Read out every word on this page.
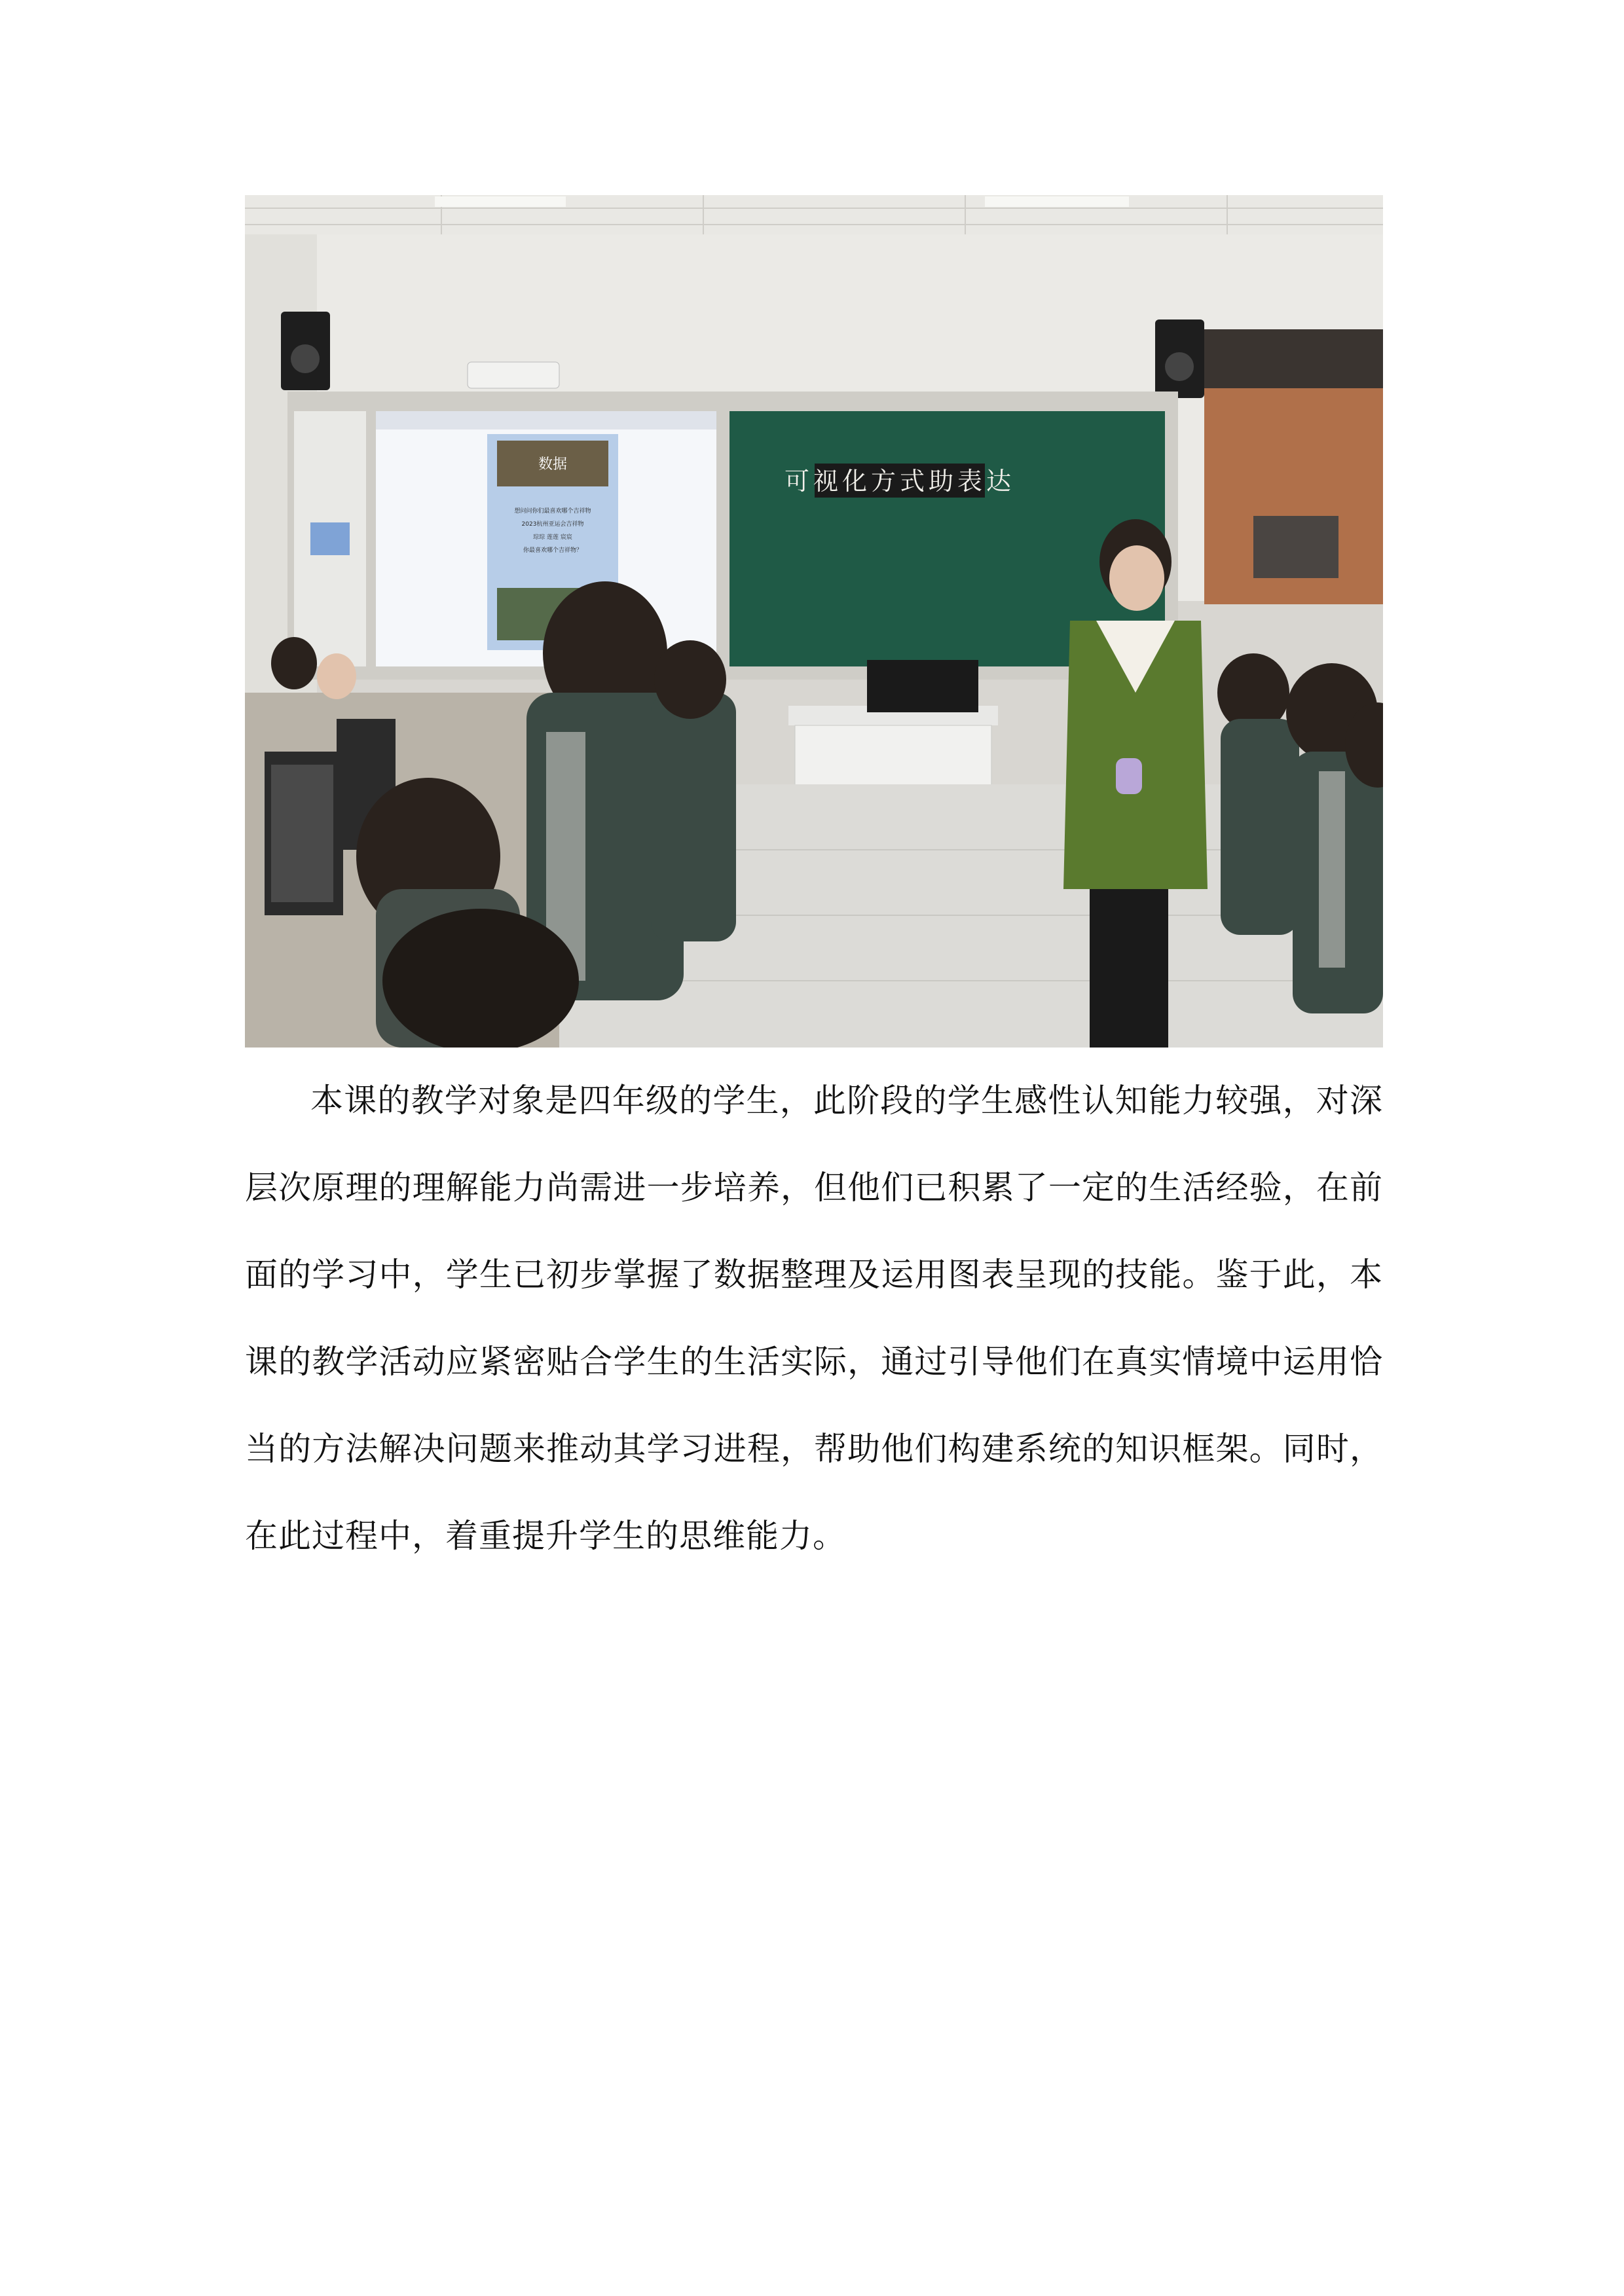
数据
想问问你们最喜欢哪个吉祥物
2023杭州亚运会吉祥物
琮琮 莲莲 宸宸
你最喜欢哪个吉祥物？
可视化方式助表达

本课的教学对象是四年级的学生，此阶段的学生感性认知能力较强，对深层次原理的理解能力尚需进一步培养，但他们已积累了一定的生活经验，在前面的学习中，学生已初步掌握了数据整理及运用图表呈现的技能。鉴于此，本课的教学活动应紧密贴合学生的生活实际，通过引导他们在真实情境中运用恰当的方法解决问题来推动其学习进程，帮助他们构建系统的知识框架。同时，在此过程中，着重提升学生的思维能力。
